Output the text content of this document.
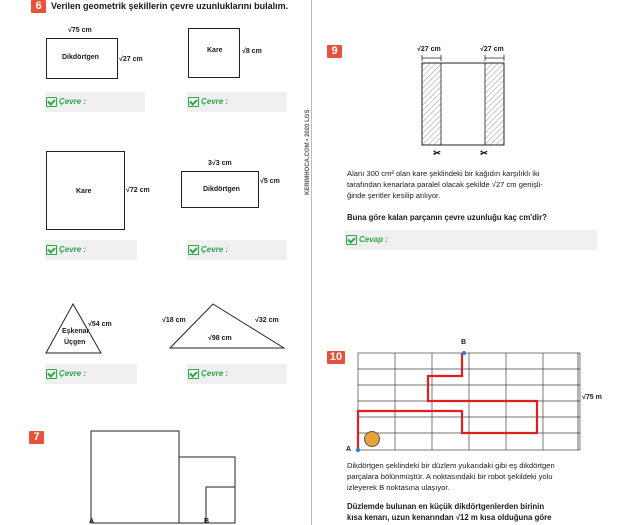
6	Verilen geometrik şekillerin çevre uzunluklarını bulalım.
√75 cm
Dikdörtgen	√27 cm
Kare	√8 cm
Çevre :	Çevre :
Kare	√72 cm
3√3 cm
Dikdörtgen
√5 cm
Çevre :	Çevre :
√54 cm
Eşkenar
Üçgen
√18 cm	√32 cm
√98 cm
Çevre :	Çevre :
7
A	B
KERIMHOCA.COM • 2020 LGS
9	√27 cm	√27 cm
✂	✂
Alanı 300 cm² olan kare şeklindeki bir kağıdın karşılıklı iki
tarafından kenarlara paralel olacak şekilde √27 cm genişli-
ğinde şeritler kesilip atılıyor.
Buna göre kalan parçanın çevre uzunluğu kaç cm'dir?
Cevap :
10
B
A
√75 m
Dikdörtgen şeklindeki bir düzlem yukarıdaki gibi eş dikdörtgen
parçalara bölünmüştür. A noktasındaki bir robot şekildeki yolu
izleyerek B noktasına ulaşıyor.
Düzlemde bulunan en küçük dikdörtgenlerden birinin
kısa kenarı, uzun kenarından √12 m kısa olduğuna göre
